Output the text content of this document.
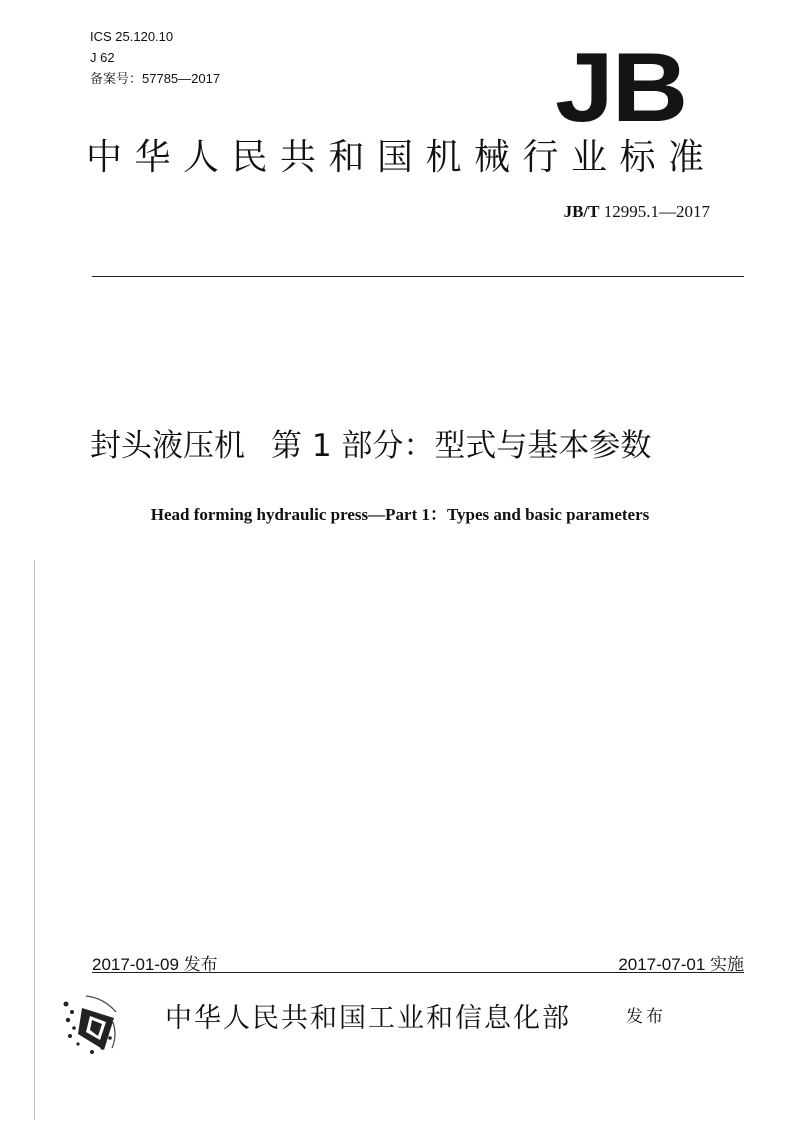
ICS 25.120.10
J 62
备案号：57785—2017	JB
中华人民共和国机械行业标准
JB/T 12995.1—2017
封头液压机 第 1 部分：型式与基本参数
Head forming hydraulic press—Part 1：Types and basic parameters
2017-01-09 发布	2017-07-01 实施
中华人民共和国工业和信息化部	发布
